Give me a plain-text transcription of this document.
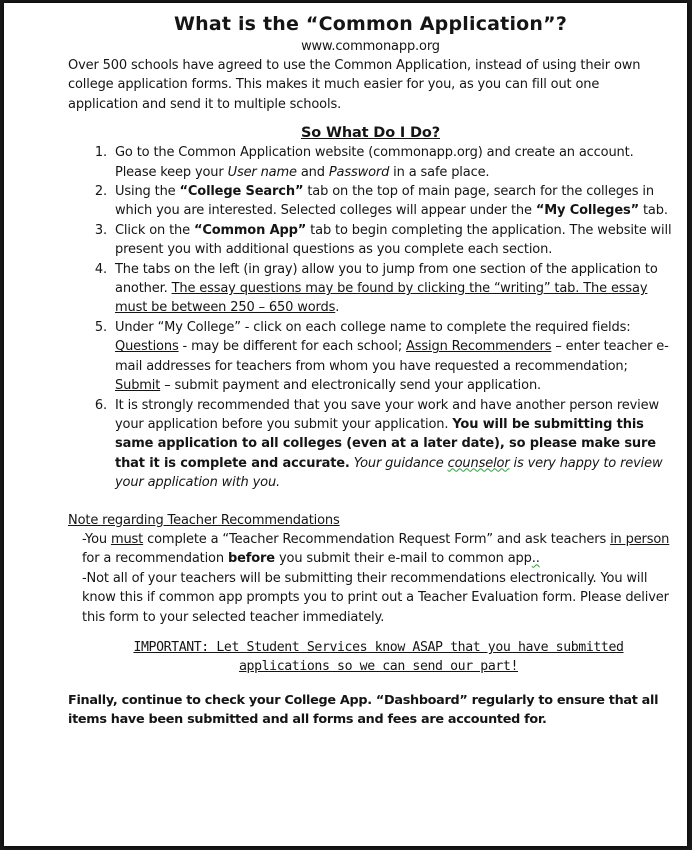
What is the “Common Application”?
www.commonapp.org

Over 500 schools have agreed to use the Common Application, instead of using their own college application forms. This makes it much easier for you, as you can fill out one application and send it to multiple schools.

So What Do I Do?
1. Go to the Common Application website (commonapp.org) and create an account. Please keep your User name and Password in a safe place.
2. Using the “College Search” tab on the top of main page, search for the colleges in which you are interested. Selected colleges will appear under the “My Colleges” tab.
3. Click on the “Common App” tab to begin completing the application. The website will present you with additional questions as you complete each section.
4. The tabs on the left (in gray) allow you to jump from one section of the application to another. The essay questions may be found by clicking the “writing” tab. The essay must be between 250 – 650 words.
5. Under “My College” - click on each college name to complete the required fields: Questions - may be different for each school; Assign Recommenders – enter teacher e-mail addresses for teachers from whom you have requested a recommendation; Submit – submit payment and electronically send your application.
6. It is strongly recommended that you save your work and have another person review your application before you submit your application. You will be submitting this same application to all colleges (even at a later date), so please make sure that it is complete and accurate. Your guidance counselor is very happy to review your application with you.
Note regarding Teacher Recommendations
-You must complete a “Teacher Recommendation Request Form” and ask teachers in person for a recommendation before you submit their e-mail to common app..
-Not all of your teachers will be submitting their recommendations electronically. You will know this if common app prompts you to print out a Teacher Evaluation form. Please deliver this form to your selected teacher immediately.
IMPORTANT: Let Student Services know ASAP that you have submitted applications so we can send our part!
Finally, continue to check your College App. “Dashboard” regularly to ensure that all items have been submitted and all forms and fees are accounted for.
